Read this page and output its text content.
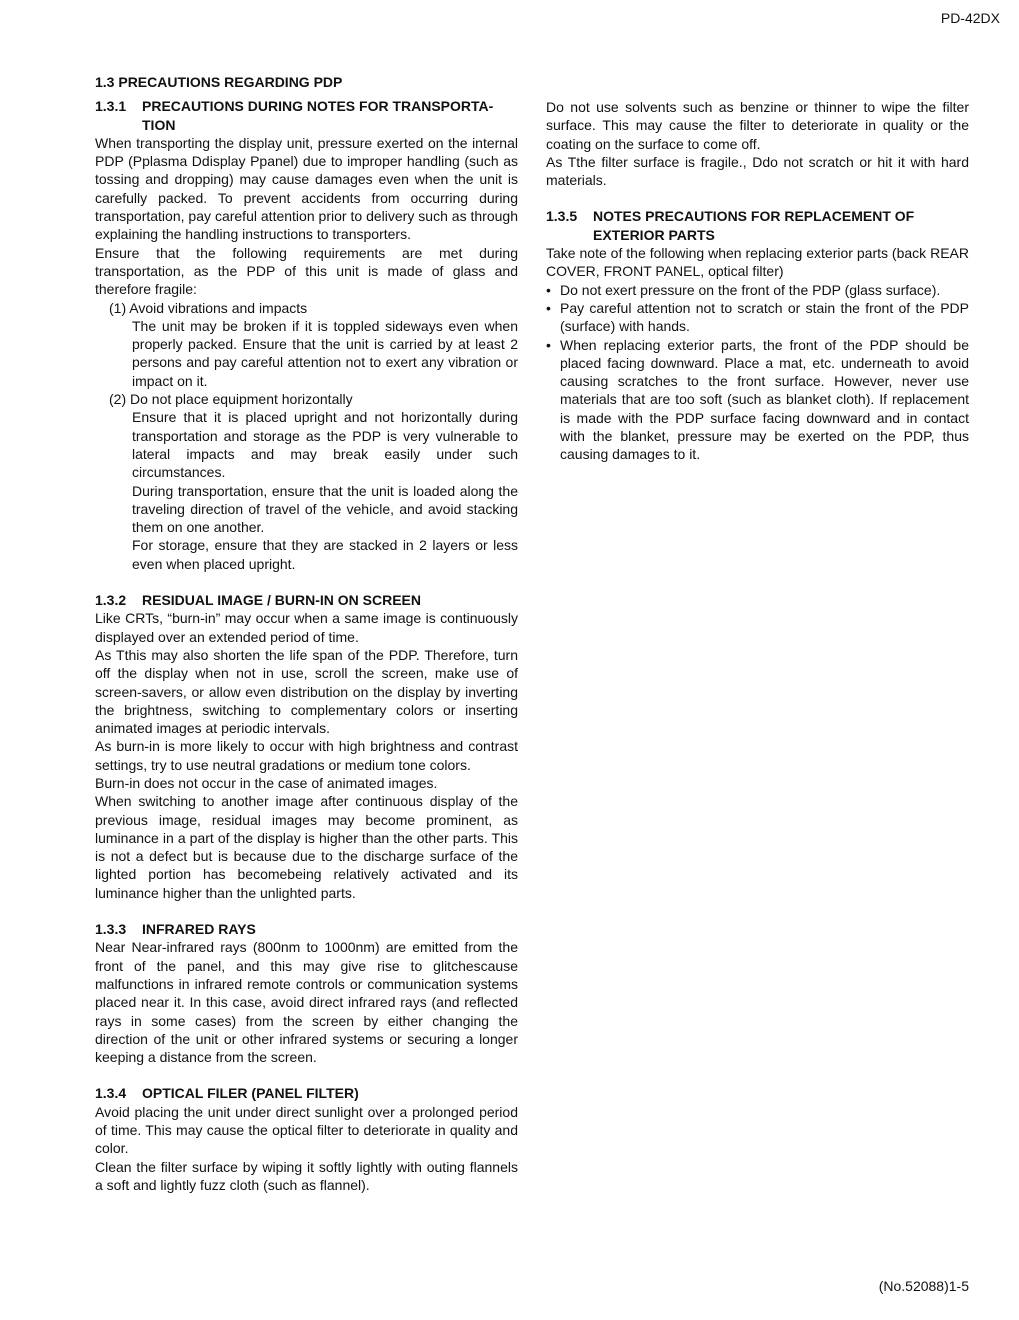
PD-42DX
1.3 PRECAUTIONS REGARDING PDP
1.3.1 PRECAUTIONS DURING NOTES FOR TRANSPORTA-TION

When transporting the display unit, pressure exerted on the internal PDP (Pplasma Ddisplay Ppanel) due to improper handling (such as tossing and dropping) may cause damages even when the unit is carefully packed. To prevent accidents from occurring during transportation, pay careful attention prior to delivery such as through explaining the handling instructions to transporters.

Ensure that the following requirements are met during transportation, as the PDP of this unit is made of glass and therefore fragile:

(1) Avoid vibrations and impacts

The unit may be broken if it is toppled sideways even when properly packed. Ensure that the unit is carried by at least 2 persons and pay careful attention not to exert any vibration or impact on it.

(2) Do not place equipment horizontally

Ensure that it is placed upright and not horizontally during transportation and storage as the PDP is very vulnerable to lateral impacts and may break easily under such circumstances.

During transportation, ensure that the unit is loaded along the traveling direction of travel of the vehicle, and avoid stacking them on one another.

For storage, ensure that they are stacked in 2 layers or less even when placed upright.

1.3.2 RESIDUAL IMAGE / BURN-IN ON SCREEN

Like CRTs, “burn-in” may occur when a same image is continuously displayed over an extended period of time.

As Tthis may also shorten the life span of the PDP. Therefore, turn off the display when not in use, scroll the screen, make use of screen-savers, or allow even distribution on the display by inverting the brightness, switching to complementary colors or inserting animated images at periodic intervals.

As burn-in is more likely to occur with high brightness and contrast settings, try to use neutral gradations or medium tone colors.

Burn-in does not occur in the case of animated images.

When switching to another image after continuous display of the previous image, residual images may become prominent, as luminance in a part of the display is higher than the other parts. This is not a defect but is because due to the discharge surface of the lighted portion has becomebeing relatively activated and its luminance higher than the unlighted parts.

1.3.3 INFRARED RAYS

Near Near-infrared rays (800nm to 1000nm) are emitted from the front of the panel, and this may give rise to glitchescause malfunctions in infrared remote controls or communication systems placed near it. In this case, avoid direct infrared rays (and reflected rays in some cases) from the screen by either changing the direction of the unit or other infrared systems or securing a longer keeping a distance from the screen.

1.3.4 OPTICAL FILER (PANEL FILTER)

Avoid placing the unit under direct sunlight over a prolonged period of time. This may cause the optical filter to deteriorate in quality and color.

Clean the filter surface by wiping it softly lightly with outing flannels a soft and lightly fuzz cloth (such as flannel).

Do not use solvents such as benzine or thinner to wipe the filter surface. This may cause the filter to deteriorate in quality or the coating on the surface to come off.

As Tthe filter surface is fragile., Ddo not scratch or hit it with hard materials.

1.3.5 NOTES PRECAUTIONS FOR REPLACEMENT OF EXTERIOR PARTS

Take note of the following when replacing exterior parts (back REAR COVER, FRONT PANEL, optical filter)

• Do not exert pressure on the front of the PDP (glass surface).
• Pay careful attention not to scratch or stain the front of the PDP (surface) with hands.
• When replacing exterior parts, the front of the PDP should be placed facing downward. Place a mat, etc. underneath to avoid causing scratches to the front surface. However, never use materials that are too soft (such as blanket cloth). If replacement is made with the PDP surface facing downward and in contact with the blanket, pressure may be exerted on the PDP, thus causing damages to it.
(No.52088)1-5
